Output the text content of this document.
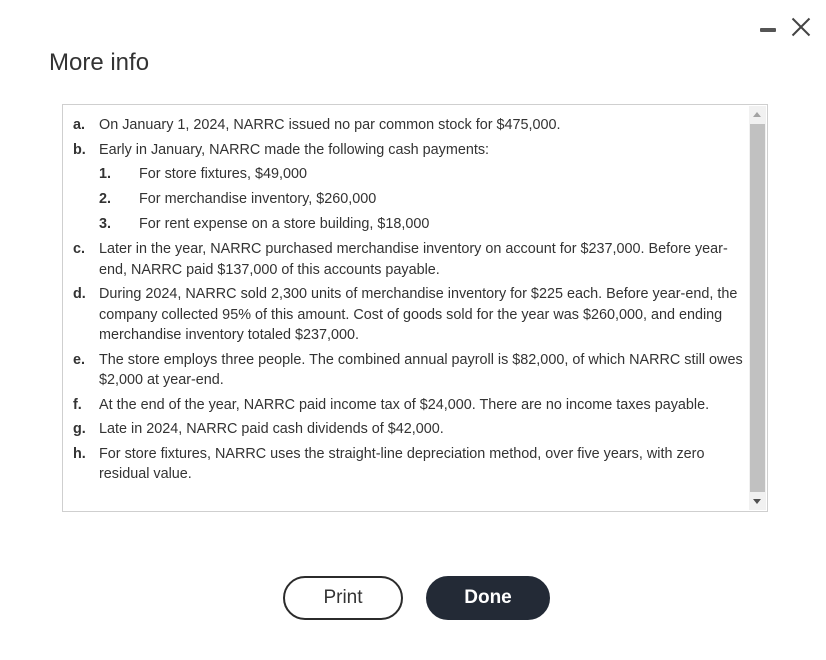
More info
a. On January 1, 2024, NARRC issued no par common stock for $475,000.
b. Early in January, NARRC made the following cash payments:
1.	For store fixtures, $49,000
2.	For merchandise inventory, $260,000
3.	For rent expense on a store building, $18,000
c. Later in the year, NARRC purchased merchandise inventory on account for $237,000. Before year-end, NARRC paid $137,000 of this accounts payable.
d. During 2024, NARRC sold 2,300 units of merchandise inventory for $225 each. Before year-end, the company collected 95% of this amount. Cost of goods sold for the year was $260,000, and ending merchandise inventory totaled $237,000.
e. The store employs three people. The combined annual payroll is $82,000, of which NARRC still owes $2,000 at year-end.
f.	At the end of the year, NARRC paid income tax of $24,000. There are no income taxes payable.
g. Late in 2024, NARRC paid cash dividends of $42,000.
h. For store fixtures, NARRC uses the straight-line depreciation method, over five years, with zero residual value.
Print	Done
